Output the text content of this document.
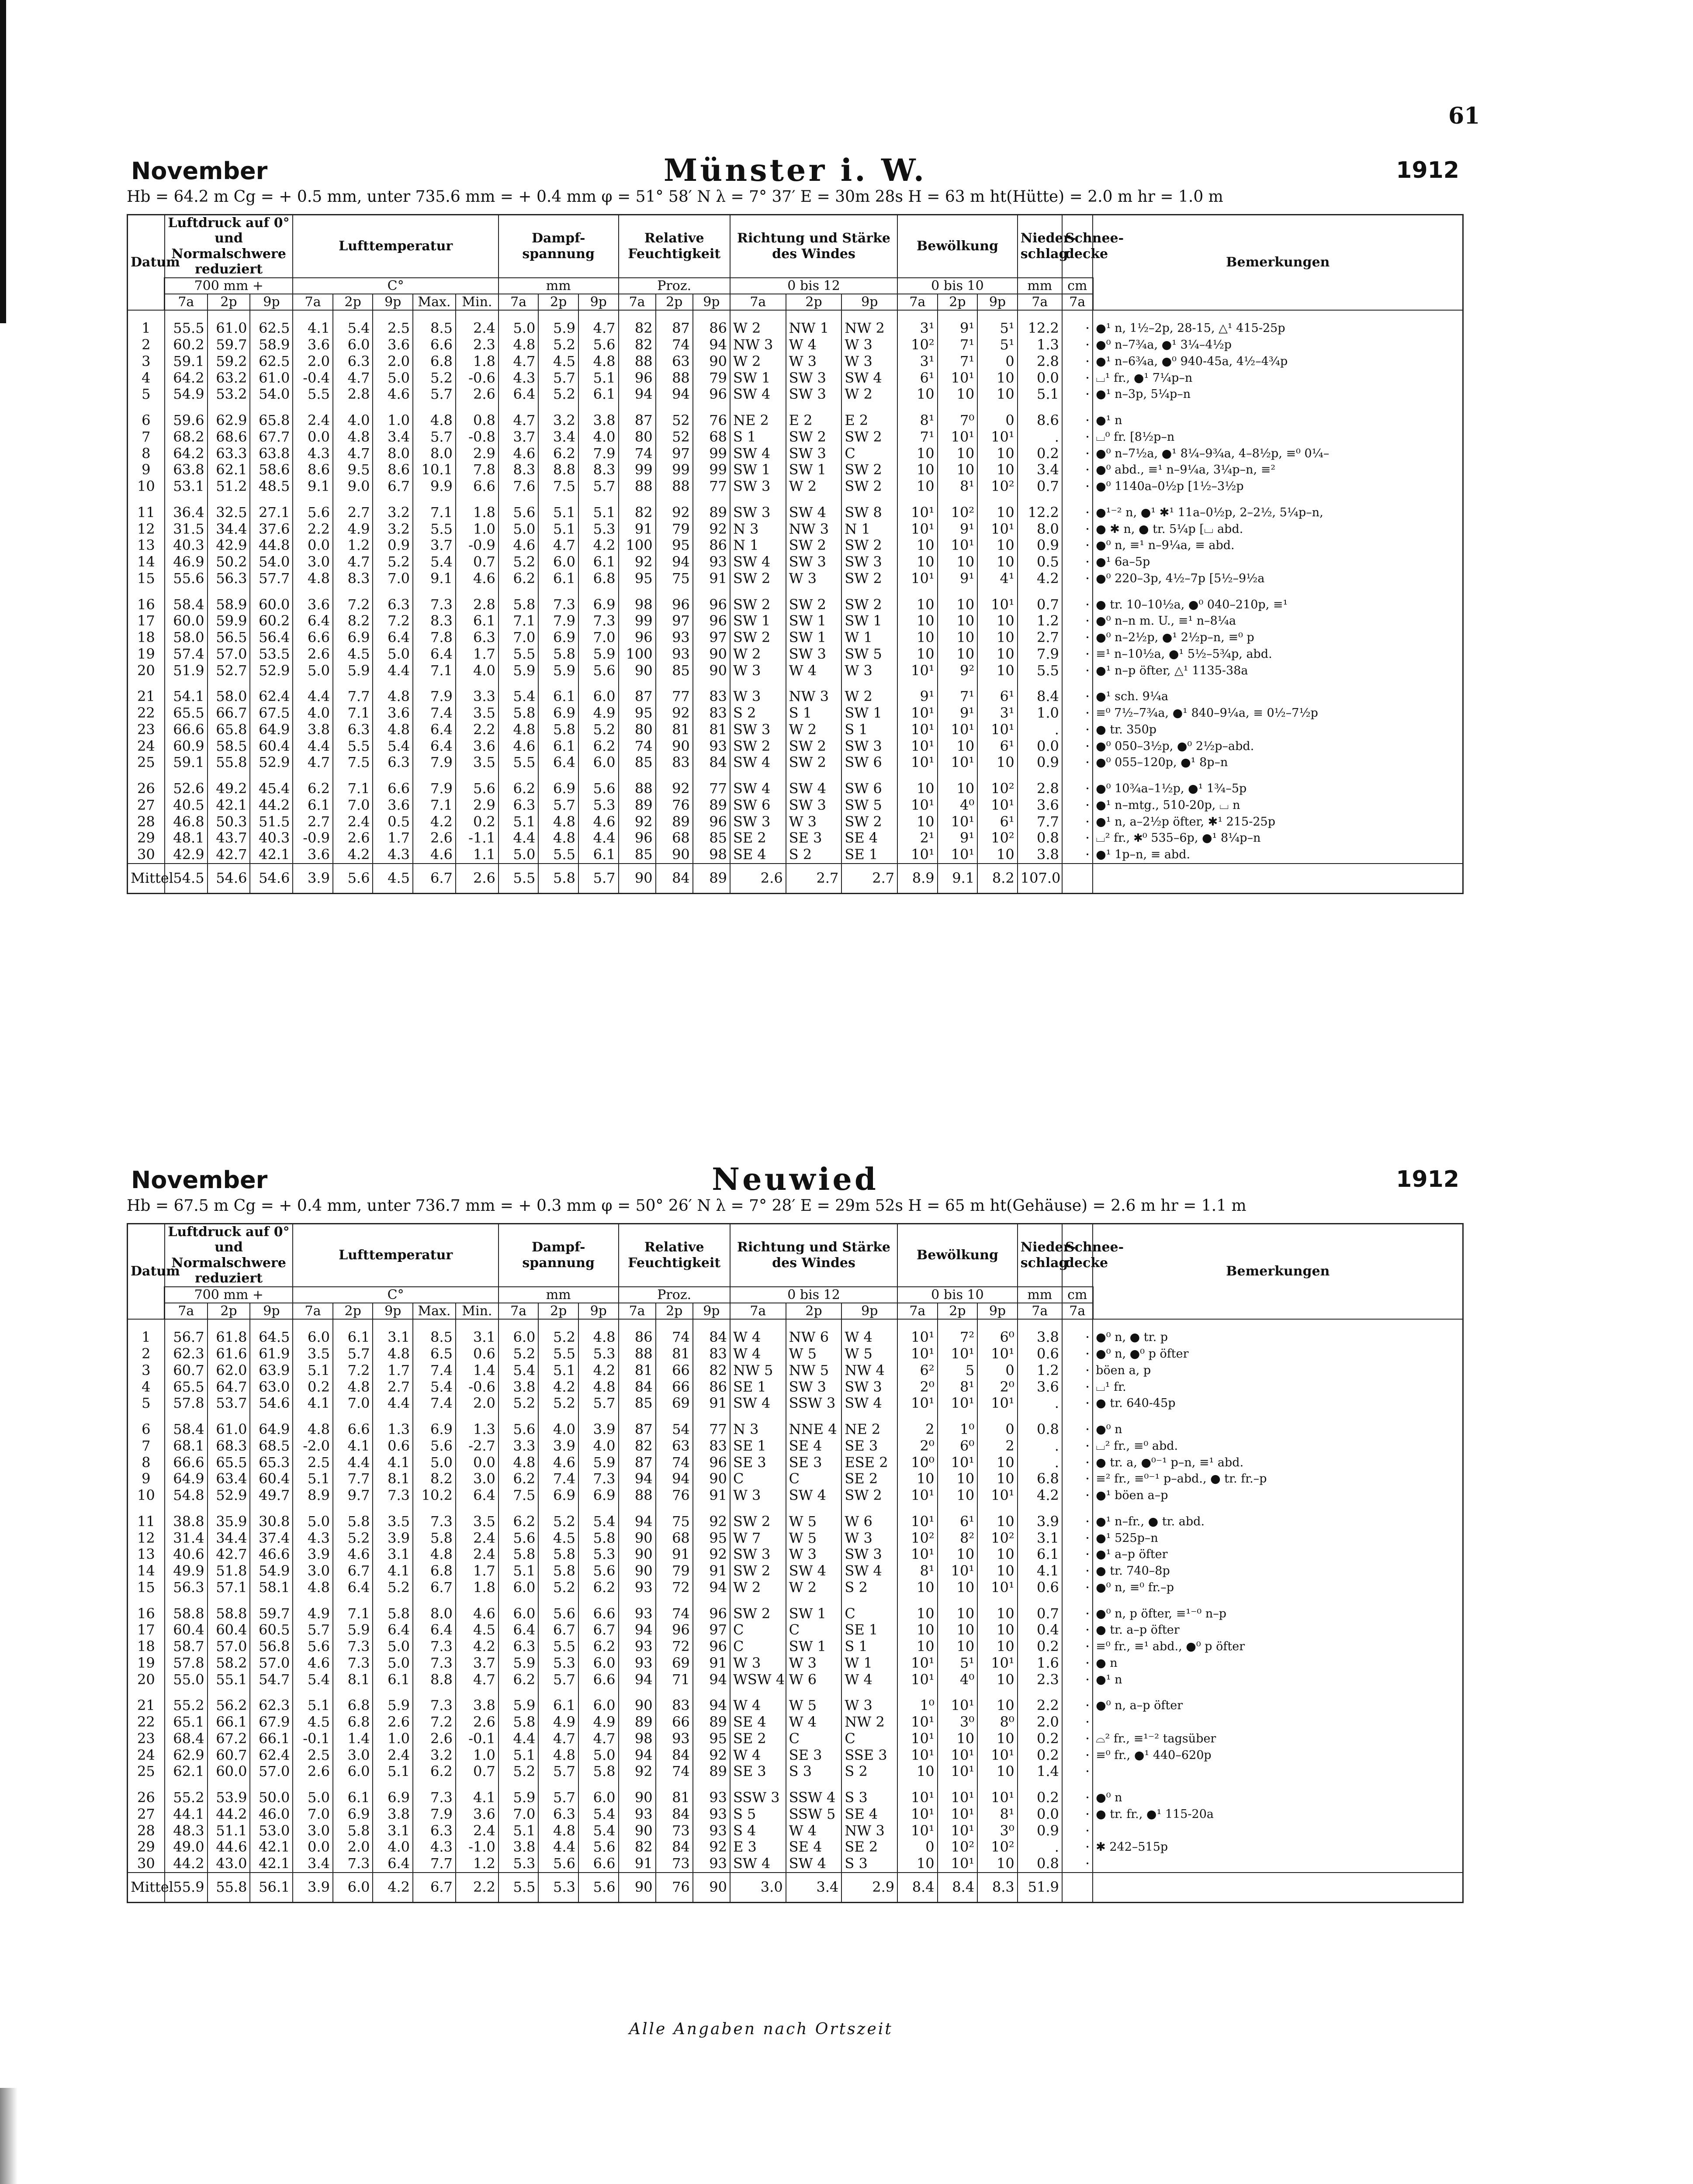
61
November	Münster i. W.	1912
Hb = 64.2 m Cg = + 0.5 mm, unter 735.6 mm = + 0.4 mm φ = 51° 58′ N λ = 7° 37′ E = 30m 28s H = 63 m ht(Hütte) = 2.0 m hr = 1.0 m
Datum	Luftdruck auf 0° und Normalschwere reduziert			Lufttemperatur					Dampf-spannung			Relative Feuchtigkeit			Richtung und Stärke des Windes			Bewölkung			Nieder-schlag	Schnee-decke	Bemerkungen
	700 mm +			C°					mm			Proz.			0 bis 12			0 bis 10			mm	cm	
	7a	2p	9p	7a	2p	9p	Max.	Min.	7a	2p	9p	7a	2p	9p	7a	2p	9p	7a	2p	9p	7a	7a	

1	55.5	61.0	62.5	4.1	5.4	2.5	8.5	2.4	5.0	5.9	4.7	82	87	86	W 2	NW 1	NW 2	3¹	9¹	5¹	12.2	·	●¹ n, 1½–2p, 28-15, △¹ 415-25p
2	60.2	59.7	58.9	3.6	6.0	3.6	6.6	2.3	4.8	5.2	5.6	82	74	94	NW 3	W 4	W 3	10²	7¹	5¹	1.3	·	●⁰ n–7¾a, ●¹ 3¼–4½p
3	59.1	59.2	62.5	2.0	6.3	2.0	6.8	1.8	4.7	4.5	4.8	88	63	90	W 2	W 3	W 3	3¹	7¹	0	2.8	·	●¹ n–6¾a, ●⁰ 940-45a, 4½–4¾p
4	64.2	63.2	61.0	-0.4	4.7	5.0	5.2	-0.6	4.3	5.7	5.1	96	88	79	SW 1	SW 3	SW 4	6¹	10¹	10	0.0	·	⌴¹ fr., ●¹ 7¼p–n
5	54.9	53.2	54.0	5.5	2.8	4.6	5.7	2.6	6.4	5.2	6.1	94	94	96	SW 4	SW 3	W 2	10	10	10	5.1	·	●¹ n–3p, 5¼p–n

6	59.6	62.9	65.8	2.4	4.0	1.0	4.8	0.8	4.7	3.2	3.8	87	52	76	NE 2	E 2	E 2	8¹	7⁰	0	8.6	·	●¹ n
7	68.2	68.6	67.7	0.0	4.8	3.4	5.7	-0.8	3.7	3.4	4.0	80	52	68	S 1	SW 2	SW 2	7¹	10¹	10¹	.	·	⌴⁰ fr. [8½p–n
8	64.2	63.3	63.8	4.3	4.7	8.0	8.0	2.9	4.6	6.2	7.9	74	97	99	SW 4	SW 3	C	10	10	10	0.2	·	●⁰ n–7½a, ●¹ 8¼–9¾a, 4–8½p, ≡⁰ 0¼–
9	63.8	62.1	58.6	8.6	9.5	8.6	10.1	7.8	8.3	8.8	8.3	99	99	99	SW 1	SW 1	SW 2	10	10	10	3.4	·	●⁰ abd., ≡¹ n–9¼a, 3¼p–n, ≡²
10	53.1	51.2	48.5	9.1	9.0	6.7	9.9	6.6	7.6	7.5	5.7	88	88	77	SW 3	W 2	SW 2	10	8¹	10²	0.7	·	●⁰ 1140a–0½p [1½–3½p

11	36.4	32.5	27.1	5.6	2.7	3.2	7.1	1.8	5.6	5.1	5.1	82	92	89	SW 3	SW 4	SW 8	10¹	10²	10	12.2	·	●¹⁻² n, ●¹ ✱¹ 11a–0½p, 2–2½, 5¼p–n,
12	31.5	34.4	37.6	2.2	4.9	3.2	5.5	1.0	5.0	5.1	5.3	91	79	92	N 3	NW 3	N 1	10¹	9¹	10¹	8.0	·	● ✱ n, ● tr. 5¼p [⌴ abd.
13	40.3	42.9	44.8	0.0	1.2	0.9	3.7	-0.9	4.6	4.7	4.2	100	95	86	N 1	SW 2	SW 2	10	10¹	10	0.9	·	●⁰ n, ≡¹ n–9¼a, ≡ abd.
14	46.9	50.2	54.0	3.0	4.7	5.2	5.4	0.7	5.2	6.0	6.1	92	94	93	SW 4	SW 3	SW 3	10	10	10	0.5	·	●¹ 6a–5p
15	55.6	56.3	57.7	4.8	8.3	7.0	9.1	4.6	6.2	6.1	6.8	95	75	91	SW 2	W 3	SW 2	10¹	9¹	4¹	4.2	·	●⁰ 220–3p, 4½–7p [5½–9½a

16	58.4	58.9	60.0	3.6	7.2	6.3	7.3	2.8	5.8	7.3	6.9	98	96	96	SW 2	SW 2	SW 2	10	10	10¹	0.7	·	● tr. 10–10½a, ●⁰ 040–210p, ≡¹
17	60.0	59.9	60.2	6.4	8.2	7.2	8.3	6.1	7.1	7.9	7.3	99	97	96	SW 1	SW 1	SW 1	10	10	10	1.2	·	●⁰ n–n m. U., ≡¹ n–8¼a
18	58.0	56.5	56.4	6.6	6.9	6.4	7.8	6.3	7.0	6.9	7.0	96	93	97	SW 2	SW 1	W 1	10	10	10	2.7	·	●⁰ n–2½p, ●¹ 2½p–n, ≡⁰ p
19	57.4	57.0	53.5	2.6	4.5	5.0	6.4	1.7	5.5	5.8	5.9	100	93	90	W 2	SW 3	SW 5	10	10	10	7.9	·	≡¹ n–10½a, ●¹ 5½–5¾p, abd.
20	51.9	52.7	52.9	5.0	5.9	4.4	7.1	4.0	5.9	5.9	5.6	90	85	90	W 3	W 4	W 3	10¹	9²	10	5.5	·	●¹ n–p öfter, △¹ 1135-38a

21	54.1	58.0	62.4	4.4	7.7	4.8	7.9	3.3	5.4	6.1	6.0	87	77	83	W 3	NW 3	W 2	9¹	7¹	6¹	8.4	·	●¹ sch. 9¼a
22	65.5	66.7	67.5	4.0	7.1	3.6	7.4	3.5	5.8	6.9	4.9	95	92	83	S 2	S 1	SW 1	10¹	9¹	3¹	1.0	·	≡⁰ 7½–7¾a, ●¹ 840–9¼a, ≡ 0½–7½p
23	66.6	65.8	64.9	3.8	6.3	4.8	6.4	2.2	4.8	5.8	5.2	80	81	81	SW 3	W 2	S 1	10¹	10¹	10¹	.	·	● tr. 350p
24	60.9	58.5	60.4	4.4	5.5	5.4	6.4	3.6	4.6	6.1	6.2	74	90	93	SW 2	SW 2	SW 3	10¹	10	6¹	0.0	·	●⁰ 050–3½p, ●⁰ 2½p–abd.
25	59.1	55.8	52.9	4.7	7.5	6.3	7.9	3.5	5.5	6.4	6.0	85	83	84	SW 4	SW 2	SW 6	10¹	10¹	10	0.9	·	●⁰ 055–120p, ●¹ 8p–n

26	52.6	49.2	45.4	6.2	7.1	6.6	7.9	5.6	6.2	6.9	5.6	88	92	77	SW 4	SW 4	SW 6	10	10	10²	2.8	·	●⁰ 10¾a–1½p, ●¹ 1¾–5p
27	40.5	42.1	44.2	6.1	7.0	3.6	7.1	2.9	6.3	5.7	5.3	89	76	89	SW 6	SW 3	SW 5	10¹	4⁰	10¹	3.6	·	●¹ n–mtg., 510-20p, ⌴ n
28	46.8	50.3	51.5	2.7	2.4	0.5	4.2	0.2	5.1	4.8	4.6	92	89	96	SW 3	W 3	SW 2	10	10¹	6¹	7.7	·	●¹ n, a–2½p öfter, ✱¹ 215-25p
29	48.1	43.7	40.3	-0.9	2.6	1.7	2.6	-1.1	4.4	4.8	4.4	96	68	85	SE 2	SE 3	SE 4	2¹	9¹	10²	0.8	·	⌴² fr., ✱⁰ 535–6p, ●¹ 8¼p–n
30	42.9	42.7	42.1	3.6	4.2	4.3	4.6	1.1	5.0	5.5	6.1	85	90	98	SE 4	S 2	SE 1	10¹	10¹	10	3.8	·	●¹ 1p–n, ≡ abd.
Mittel	54.5	54.6	54.6	3.9	5.6	4.5	6.7	2.6	5.5	5.8	5.7	90	84	89	2.6	2.7	2.7	8.9	9.1	8.2	107.0		
November	Neuwied	1912
Hb = 67.5 m Cg = + 0.4 mm, unter 736.7 mm = + 0.3 mm φ = 50° 26′ N λ = 7° 28′ E = 29m 52s H = 65 m ht(Gehäuse) = 2.6 m hr = 1.1 m
Datum	Luftdruck auf 0° und Normalschwere reduziert			Lufttemperatur					Dampf-spannung			Relative Feuchtigkeit			Richtung und Stärke des Windes			Bewölkung			Nieder-schlag	Schnee-decke	Bemerkungen
	700 mm +			C°					mm			Proz.			0 bis 12			0 bis 10			mm	cm	
	7a	2p	9p	7a	2p	9p	Max.	Min.	7a	2p	9p	7a	2p	9p	7a	2p	9p	7a	2p	9p	7a	7a	

1	56.7	61.8	64.5	6.0	6.1	3.1	8.5	3.1	6.0	5.2	4.8	86	74	84	W 4	NW 6	W 4	10¹	7²	6⁰	3.8	·	●⁰ n, ● tr. p
2	62.3	61.6	61.9	3.5	5.7	4.8	6.5	0.6	5.2	5.5	5.3	88	81	83	W 4	W 5	W 5	10¹	10¹	10¹	0.6	·	●⁰ n, ●⁰ p öfter
3	60.7	62.0	63.9	5.1	7.2	1.7	7.4	1.4	5.4	5.1	4.2	81	66	82	NW 5	NW 5	NW 4	6²	5	0	1.2	·	böen a, p
4	65.5	64.7	63.0	0.2	4.8	2.7	5.4	-0.6	3.8	4.2	4.8	84	66	86	SE 1	SW 3	SW 3	2⁰	8¹	2⁰	3.6	·	⌴¹ fr.
5	57.8	53.7	54.6	4.1	7.0	4.4	7.4	2.0	5.2	5.2	5.7	85	69	91	SW 4	SSW 3	SW 4	10¹	10¹	10¹	.	·	● tr. 640-45p

6	58.4	61.0	64.9	4.8	6.6	1.3	6.9	1.3	5.6	4.0	3.9	87	54	77	N 3	NNE 4	NE 2	2	1⁰	0	0.8	·	●⁰ n
7	68.1	68.3	68.5	-2.0	4.1	0.6	5.6	-2.7	3.3	3.9	4.0	82	63	83	SE 1	SE 4	SE 3	2⁰	6⁰	2	.	·	⌴² fr., ≡⁰ abd.
8	66.6	65.5	65.3	2.5	4.4	4.1	5.0	0.0	4.8	4.6	5.9	87	74	96	SE 3	SE 3	ESE 2	10⁰	10¹	10	.	·	● tr. a, ●⁰⁻¹ p–n, ≡¹ abd.
9	64.9	63.4	60.4	5.1	7.7	8.1	8.2	3.0	6.2	7.4	7.3	94	94	90	C	C	SE 2	10	10	10	6.8	·	≡² fr., ≡⁰⁻¹ p–abd., ● tr. fr.–p
10	54.8	52.9	49.7	8.9	9.7	7.3	10.2	6.4	7.5	6.9	6.9	88	76	91	W 3	SW 4	SW 2	10¹	10	10¹	4.2	·	●¹ böen a–p

11	38.8	35.9	30.8	5.0	5.8	3.5	7.3	3.5	6.2	5.2	5.4	94	75	92	SW 2	W 5	W 6	10¹	6¹	10	3.9	·	●¹ n–fr., ● tr. abd.
12	31.4	34.4	37.4	4.3	5.2	3.9	5.8	2.4	5.6	4.5	5.8	90	68	95	W 7	W 5	W 3	10²	8²	10²	3.1	·	●¹ 525p–n
13	40.6	42.7	46.6	3.9	4.6	3.1	4.8	2.4	5.8	5.8	5.3	90	91	92	SW 3	W 3	SW 3	10¹	10	10	6.1	·	●¹ a–p öfter
14	49.9	51.8	54.9	3.0	6.7	4.1	6.8	1.7	5.1	5.8	5.6	90	79	91	SW 2	SW 4	SW 4	8¹	10¹	10	4.1	·	● tr. 740–8p
15	56.3	57.1	58.1	4.8	6.4	5.2	6.7	1.8	6.0	5.2	6.2	93	72	94	W 2	W 2	S 2	10	10	10¹	0.6	·	●⁰ n, ≡⁰ fr.–p

16	58.8	58.8	59.7	4.9	7.1	5.8	8.0	4.6	6.0	5.6	6.6	93	74	96	SW 2	SW 1	C	10	10	10	0.7	·	●⁰ n, p öfter, ≡¹⁻⁰ n–p
17	60.4	60.4	60.5	5.7	5.9	6.4	6.4	4.5	6.4	6.7	6.7	94	96	97	C	C	SE 1	10	10	10	0.4	·	● tr. a–p öfter
18	58.7	57.0	56.8	5.6	7.3	5.0	7.3	4.2	6.3	5.5	6.2	93	72	96	C	SW 1	S 1	10	10	10	0.2	·	≡⁰ fr., ≡¹ abd., ●⁰ p öfter
19	57.8	58.2	57.0	4.6	7.3	5.0	7.3	3.7	5.9	5.3	6.0	93	69	91	W 3	W 3	W 1	10¹	5¹	10¹	1.6	·	● n
20	55.0	55.1	54.7	5.4	8.1	6.1	8.8	4.7	6.2	5.7	6.6	94	71	94	WSW 4	W 6	W 4	10¹	4⁰	10	2.3	·	●¹ n

21	55.2	56.2	62.3	5.1	6.8	5.9	7.3	3.8	5.9	6.1	6.0	90	83	94	W 4	W 5	W 3	1⁰	10¹	10	2.2	·	●⁰ n, a–p öfter
22	65.1	66.1	67.9	4.5	6.8	2.6	7.2	2.6	5.8	4.9	4.9	89	66	89	SE 4	W 4	NW 2	10¹	3⁰	8⁰	2.0	·	
23	68.4	67.2	66.1	-0.1	1.4	1.0	2.6	-0.1	4.4	4.7	4.7	98	93	95	SE 2	C	C	10¹	10	10	0.2	·	⌓² fr., ≡¹⁻² tagsüber
24	62.9	60.7	62.4	2.5	3.0	2.4	3.2	1.0	5.1	4.8	5.0	94	84	92	W 4	SE 3	SSE 3	10¹	10¹	10¹	0.2	·	≡⁰ fr., ●¹ 440–620p
25	62.1	60.0	57.0	2.6	6.0	5.1	6.2	0.7	5.2	5.7	5.8	92	74	89	SE 3	S 3	S 2	10	10¹	10	1.4	·	

26	55.2	53.9	50.0	5.0	6.1	6.9	7.3	4.1	5.9	5.7	6.0	90	81	93	SSW 3	SSW 4	S 3	10¹	10¹	10¹	0.2	·	●⁰ n
27	44.1	44.2	46.0	7.0	6.9	3.8	7.9	3.6	7.0	6.3	5.4	93	84	93	S 5	SSW 5	SE 4	10¹	10¹	8¹	0.0	·	● tr. fr., ●¹ 115-20a
28	48.3	51.1	53.0	3.0	5.8	3.1	6.3	2.4	5.1	4.8	5.4	90	73	93	S 4	W 4	NW 3	10¹	10¹	3⁰	0.9	·	
29	49.0	44.6	42.1	0.0	2.0	4.0	4.3	-1.0	3.8	4.4	5.6	82	84	92	E 3	SE 4	SE 2	0	10²	10²	.	·	✱ 242–515p
30	44.2	43.0	42.1	3.4	7.3	6.4	7.7	1.2	5.3	5.6	6.6	91	73	93	SW 4	SW 4	S 3	10	10¹	10	0.8	·	
Mittel	55.9	55.8	56.1	3.9	6.0	4.2	6.7	2.2	5.5	5.3	5.6	90	76	90	3.0	3.4	2.9	8.4	8.4	8.3	51.9		
Alle Angaben nach Ortszeit
